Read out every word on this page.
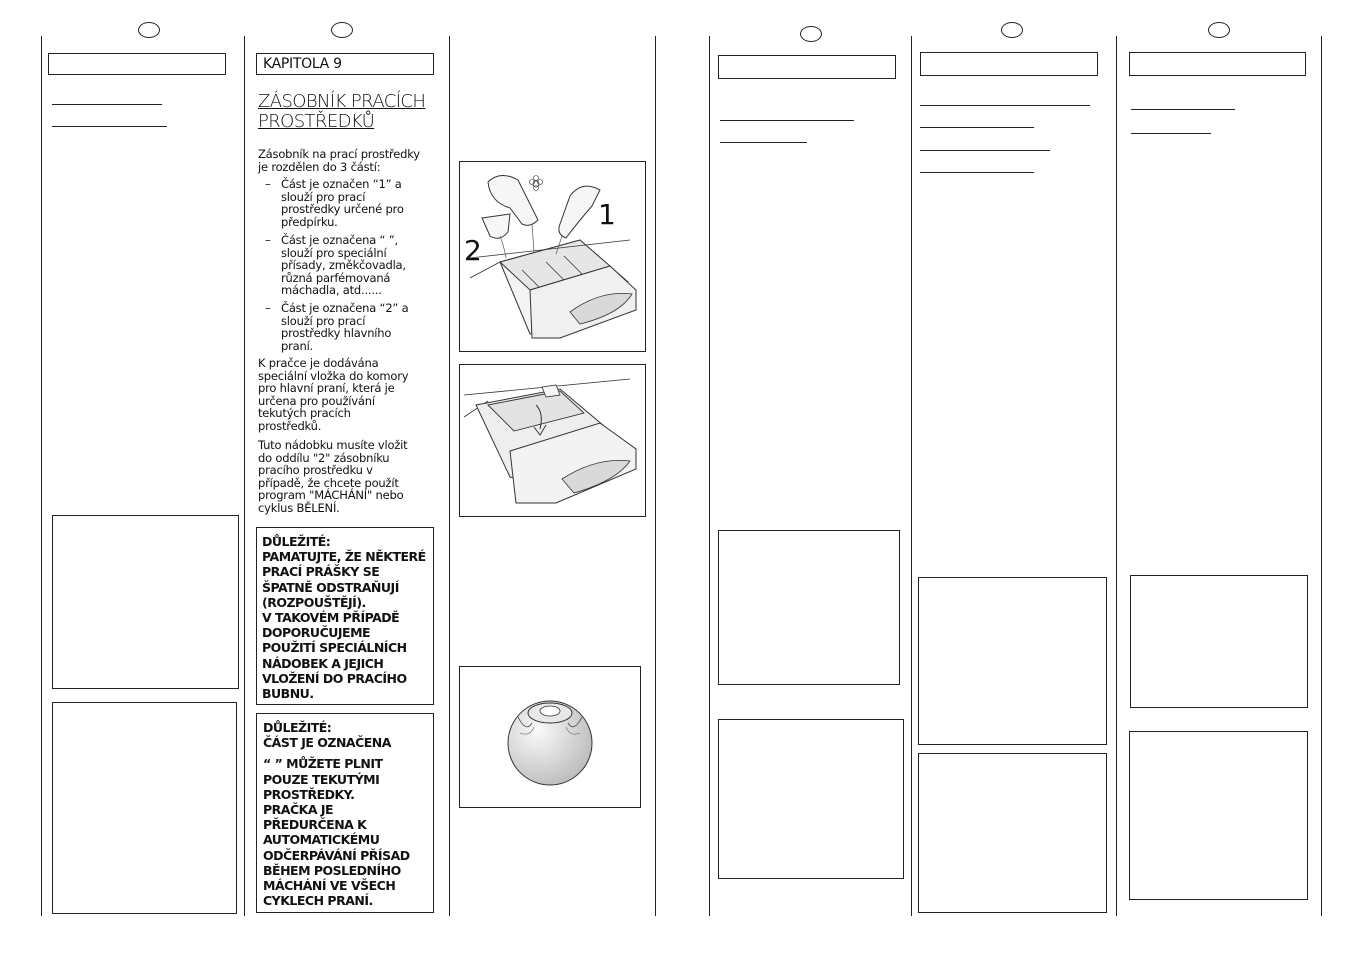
KAPITOLA 9
ZÁSOBNÍK PRACÍCH
PROSTŘEDKŮ
Zásobník na prací prostředky
je rozdělen do 3 částí:
– Část je označen “1” a
slouží pro prací
prostředky určené pro
předpírku.
– Část je označena “ ”,
slouží pro speciální
přísady, změkčovadla,
různá parfémovaná
máchadla, atd......
– Část je označena “2” a
slouží pro prací
prostředky hlavního
praní.
K pračce je dodávána
speciální vložka do komory
pro hlavní praní, která je
určena pro používání
tekutých pracích
prostředků.
Tuto nádobku musíte vložit
do oddílu "2" zásobníku
pracího prostředku v
případě, že chcete použít
program "MÁCHÁNÍ" nebo
cyklus BĚLENÍ.
DŮLEŽITÉ:
PAMATUJTE, ŽE NĚKTERÉ
PRACÍ PRÁŠKY SE
ŠPATNĚ ODSTRAŇUJÍ
(ROZPOUŠTĚJÍ).
V TAKOVÉM PŘÍPADĚ
DOPORUČUJEME
POUŽITÍ SPECIÁLNÍCH
NÁDOBEK A JEJICH
VLOŽENÍ DO PRACÍHO
BUBNU.
DŮLEŽITÉ:
ČÁST JE OZNAČENA
“ ” MŮŽETE PLNIT
POUZE TEKUTÝMI
PROSTŘEDKY.
PRAČKA JE
PŘEDURČENA K
AUTOMATICKÉMU
ODČERPÁVÁNÍ PŘÍSAD
BĚHEM POSLEDNÍHO
MÁCHÁNÍ VE VŠECH
CYKLECH PRANÍ.
1
2
